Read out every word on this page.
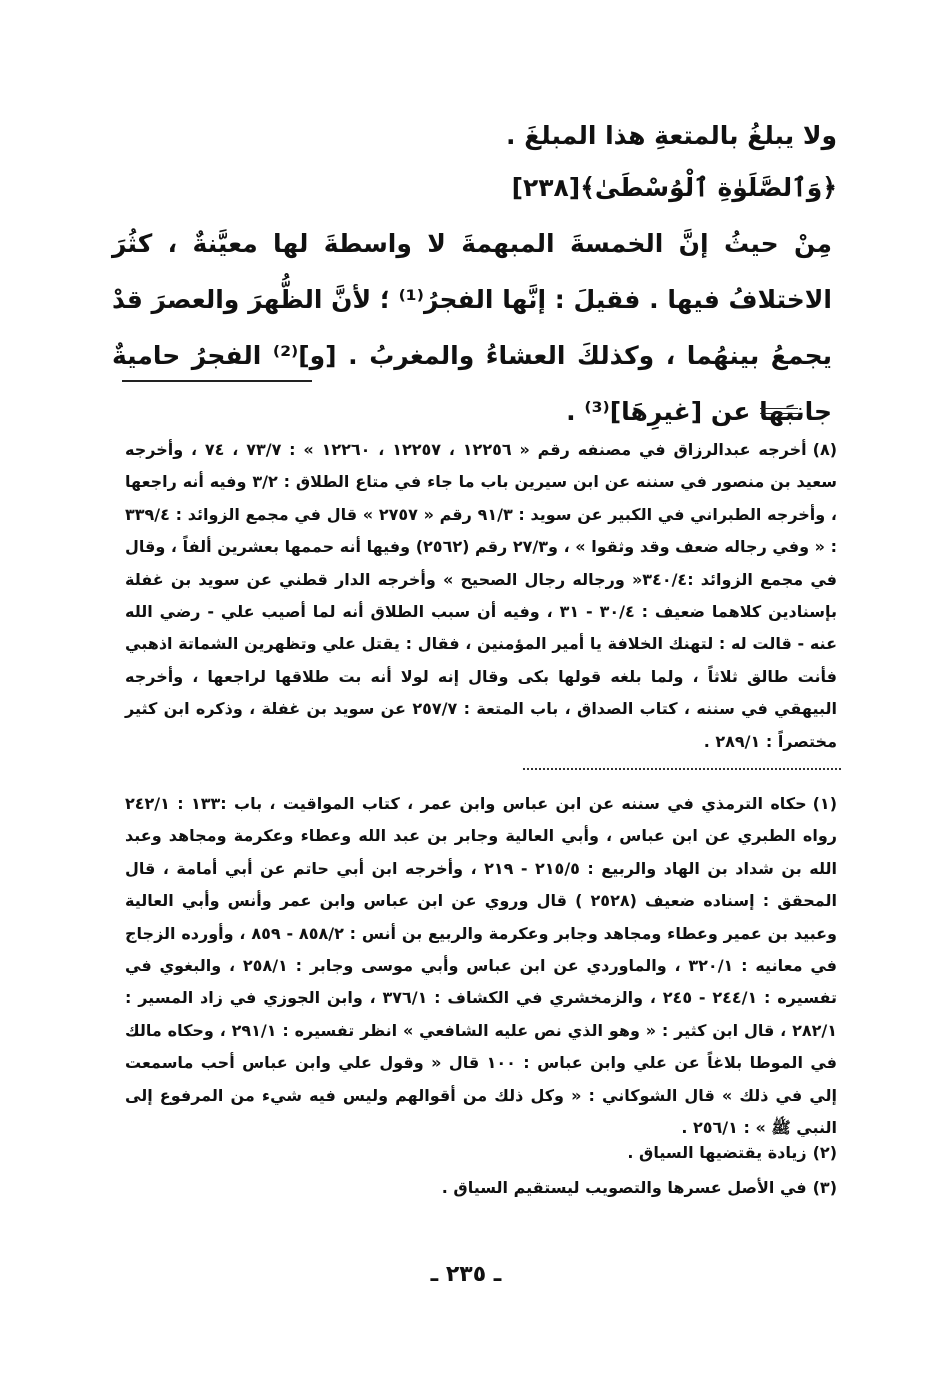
ولا يبلغُ بالمتعةِ هذا المبلغَ .
﴿وَٱلصَّلَوٰةِ ٱلْوُسْطَىٰ﴾[٢٣٨]

مِنْ حيثُ إنَّ الخمسةَ المبهمةَ لا واسطةَ لها معيَّنةٌ ، كثُرَ الاختلافُ فيها . فقيلَ : إنَّها الفجرُ⁽¹⁾ ؛ لأنَّ الظُّهرَ والعصرَ قدْ يجمعُ بينهُما ، وكذلكَ العشاءُ والمغربُ . [و]⁽²⁾ الفجرُ حاميةٌ جانبَها عن [غيرِهَا]⁽³⁾ .

(٨)أخرجه عبدالرزاق في مصنفه رقم « ١٢٢٥٦ ، ١٢٢٥٧ ، ١٢٢٦٠ » : ٧٣/٧ ، ٧٤ ، وأخرجه سعيد بن منصور في سننه عن ابن سيرين باب ما جاء في متاع الطلاق : ٣/٢ وفيه أنه راجعها ، وأخرجه الطبراني في الكبير عن سويد : ٩١/٣ رقم « ٢٧٥٧ » قال في مجمع الزوائد : ٣٣٩/٤ : « وفي رجاله ضعف وقد وثقوا » ، و٢٧/٣ رقم (٢٥٦٢) وفيها أنه حممها بعشرين ألفاً ، وقال في مجمع الزوائد :٣٤٠/٤« ورجاله رجال الصحيح » وأخرجه الدار قطني عن سويد بن غفلة بإسنادين كلاهما ضعيف : ٣٠/٤ - ٣١ ، وفيه أن سبب الطلاق أنه لما أصيب علي - رضي الله عنه - قالت له : لتهنك الخلافة يا أمير المؤمنين ، فقال : يقتل علي وتظهرين الشماتة اذهبي فأنت طالق ثلاثاً ، ولما بلغه قولها بكى وقال إنه لولا أنه بت طلاقها لراجعها ، وأخرجه البيهقي في سننه ، كتاب الصداق ، باب المتعة : ٢٥٧/٧ عن سويد بن غفلة ، وذكره ابن كثير مختصراً : ٢٨٩/١ .

(١)حكاه الترمذي في سننه عن ابن عباس وابن عمر ، كتاب المواقيت ، باب :١٣٣ : ٢٤٢/١ رواه الطبري عن ابن عباس ، وأبي العالية وجابر بن عبد الله وعطاء وعكرمة ومجاهد وعبد الله بن شداد بن الهاد والربيع : ٢١٥/٥ - ٢١٩ ، وأخرجه ابن أبي حاتم عن أبي أمامة ، قال المحقق : إسناده ضعيف (٢٥٢٨ ) قال وروي عن ابن عباس وابن عمر وأنس وأبي العالية وعبيد بن عمير وعطاء ومجاهد وجابر وعكرمة والربيع بن أنس : ٨٥٨/٢ - ٨٥٩ ، وأورده الزجاج في معانيه : ٣٢٠/١ ، والماوردي عن ابن عباس وأبي موسى وجابر : ٢٥٨/١ ، والبغوي في تفسيره : ٢٤٤/١ - ٢٤٥ ، والزمخشري في الكشاف : ٣٧٦/١ ، وابن الجوزي في زاد المسير : ٢٨٢/١ ، قال ابن كثير : « وهو الذي نص عليه الشافعي » انظر تفسيره : ٢٩١/١ ، وحكاه مالك في الموطا بلاغاً عن علي وابن عباس : ١٠٠ قال « وقول علي وابن عباس أحب ماسمعت إلي في ذلك » قال الشوكاني : « وكل ذلك من أقوالهم وليس فيه شيء من المرفوع إلى النبي ﷺ » : ٢٥٦/١ .

(٢)زيادة يقتضيها السياق .

(٣)في الأصل عسرها والتصويب ليستقيم السياق .

ـ ٢٣٥ ـ
